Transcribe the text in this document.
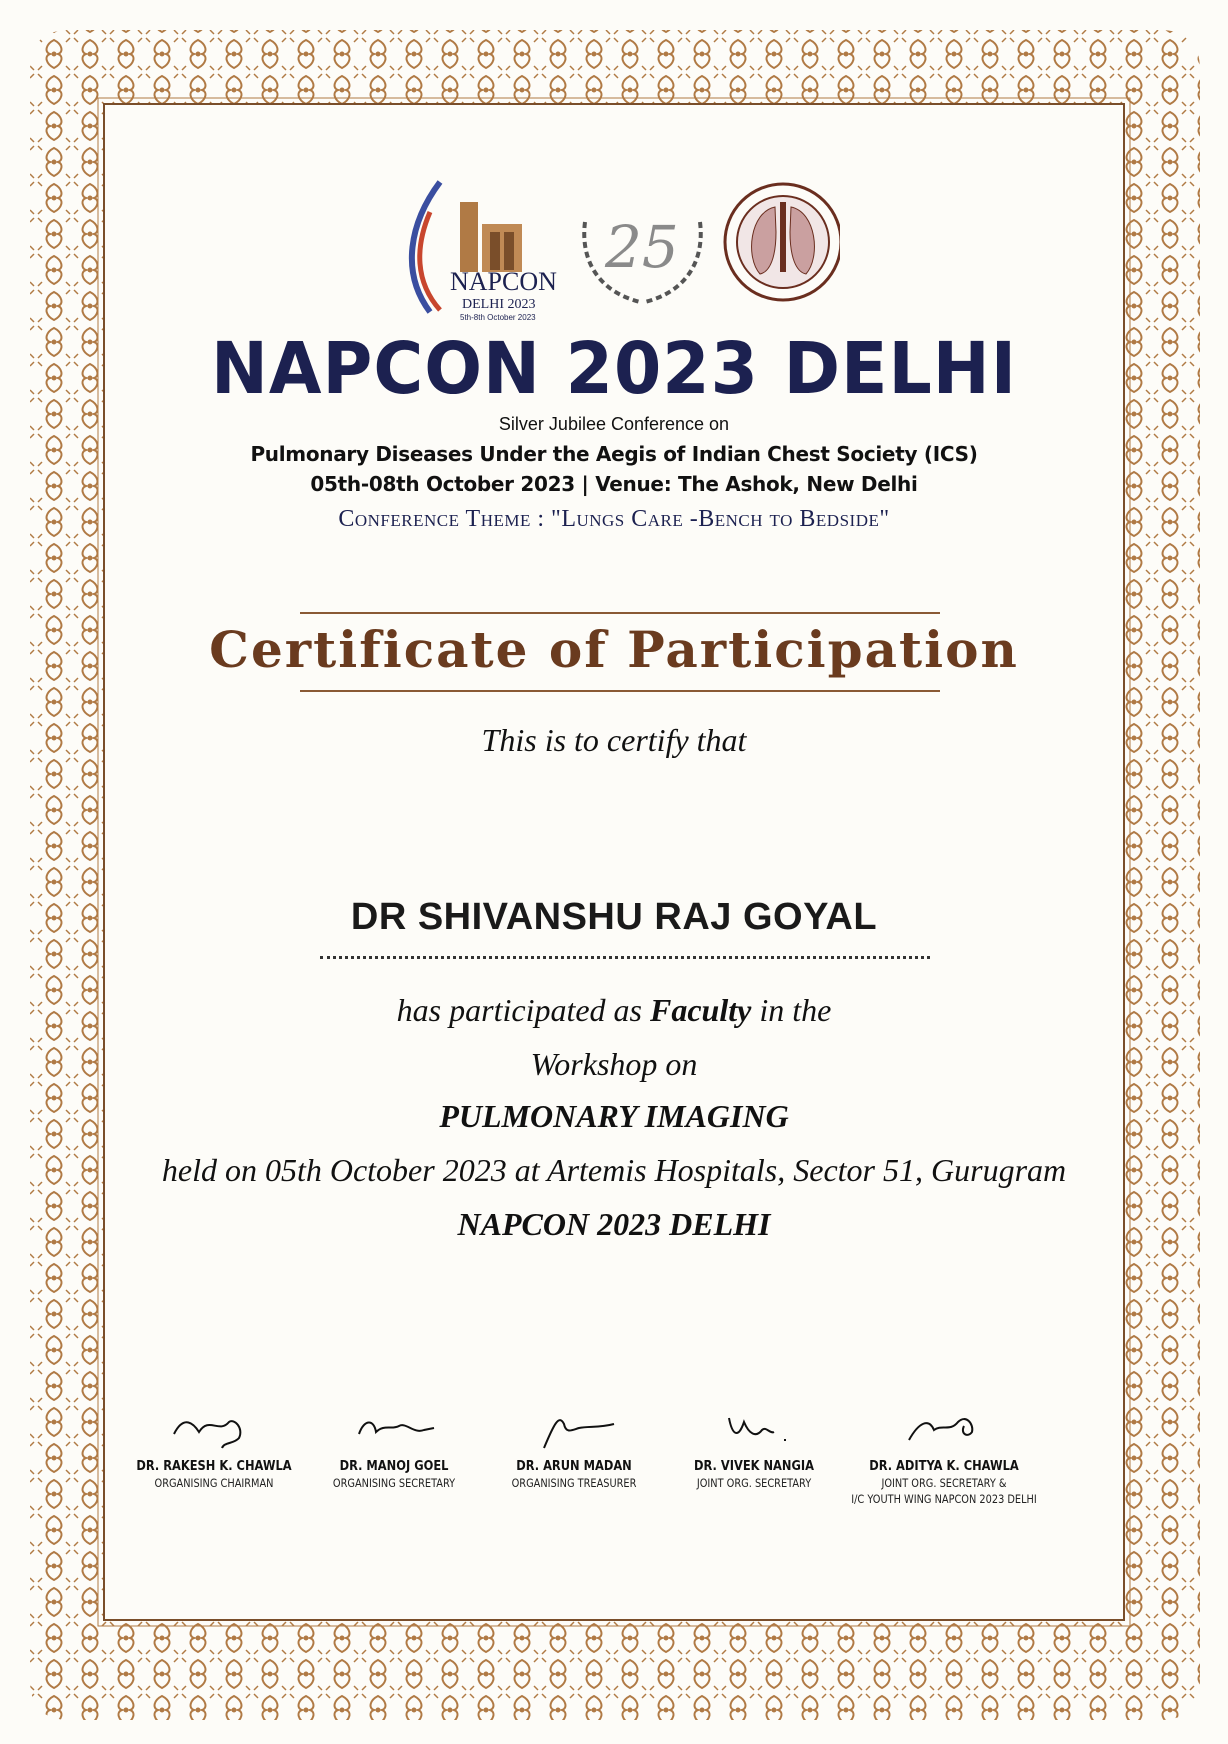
NAPCON
DELHI 2023
5th-8th October 2023
25
NAPCON 2023 DELHI
Silver Jubilee Conference on
Pulmonary Diseases Under the Aegis of Indian Chest Society (ICS)
05th-08th October 2023 | Venue: The Ashok, New Delhi
Conference Theme : "Lungs Care -Bench to Bedside"
Certificate of Participation
This is to certify that
DR SHIVANSHU RAJ GOYAL
has participated as Faculty in the
Workshop on
PULMONARY IMAGING
held on 05th October 2023 at Artemis Hospitals, Sector 51, Gurugram
NAPCON 2023 DELHI
DR. RAKESH K. CHAWLA
ORGANISING CHAIRMAN
DR. MANOJ GOEL
ORGANISING SECRETARY
DR. ARUN MADAN
ORGANISING TREASURER
DR. VIVEK NANGIA
JOINT ORG. SECRETARY
DR. ADITYA K. CHAWLA
JOINT ORG. SECRETARY &
I/C YOUTH WING NAPCON 2023 DELHI
